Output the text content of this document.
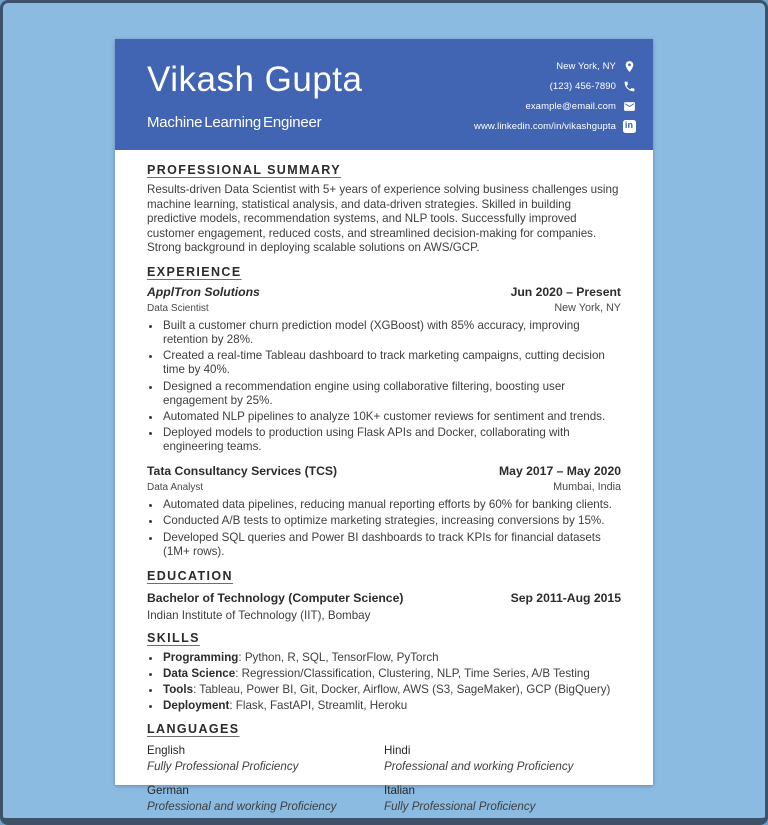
Vikash Gupta
Machine Learning Engineer
New York, NY
(123) 456-7890
example@email.com
www.linkedin.com/in/vikashgupta in
PROFESSIONAL SUMMARY

Results-driven Data Scientist with 5+ years of experience solving business challenges using machine learning, statistical analysis, and data-driven strategies. Skilled in building predictive models, recommendation systems, and NLP tools. Successfully improved customer engagement, reduced costs, and streamlined decision-making for companies. Strong background in deploying scalable solutions on AWS/GCP.

EXPERIENCE
ApplTron Solutions	Jun 2020 – Present
Data Scientist	New York, NY
• Built a customer churn prediction model (XGBoost) with 85% accuracy, improving retention by 28%.
• Created a real-time Tableau dashboard to track marketing campaigns, cutting decision time by 40%.
• Designed a recommendation engine using collaborative filtering, boosting user engagement by 25%.
• Automated NLP pipelines to analyze 10K+ customer reviews for sentiment and trends.
• Deployed models to production using Flask APIs and Docker, collaborating with engineering teams.
Tata Consultancy Services (TCS)	May 2017 – May 2020
Data Analyst	Mumbai, India
• Automated data pipelines, reducing manual reporting efforts by 60% for banking clients.
• Conducted A/B tests to optimize marketing strategies, increasing conversions by 15%.
• Developed SQL queries and Power BI dashboards to track KPIs for financial datasets (1M+ rows).
EDUCATION
Bachelor of Technology (Computer Science)	Sep 2011-Aug 2015
Indian Institute of Technology (IIT), Bombay
SKILLS
• Programming: Python, R, SQL, TensorFlow, PyTorch
• Data Science: Regression/Classification, Clustering, NLP, Time Series, A/B Testing
• Tools: Tableau, Power BI, Git, Docker, Airflow, AWS (S3, SageMaker), GCP (BigQuery)
• Deployment: Flask, FastAPI, Streamlit, Heroku
LANGUAGES
English
Fully Professional Proficiency
Hindi
Professional and working Proficiency
German
Professional and working Proficiency
Italian
Fully Professional Proficiency
